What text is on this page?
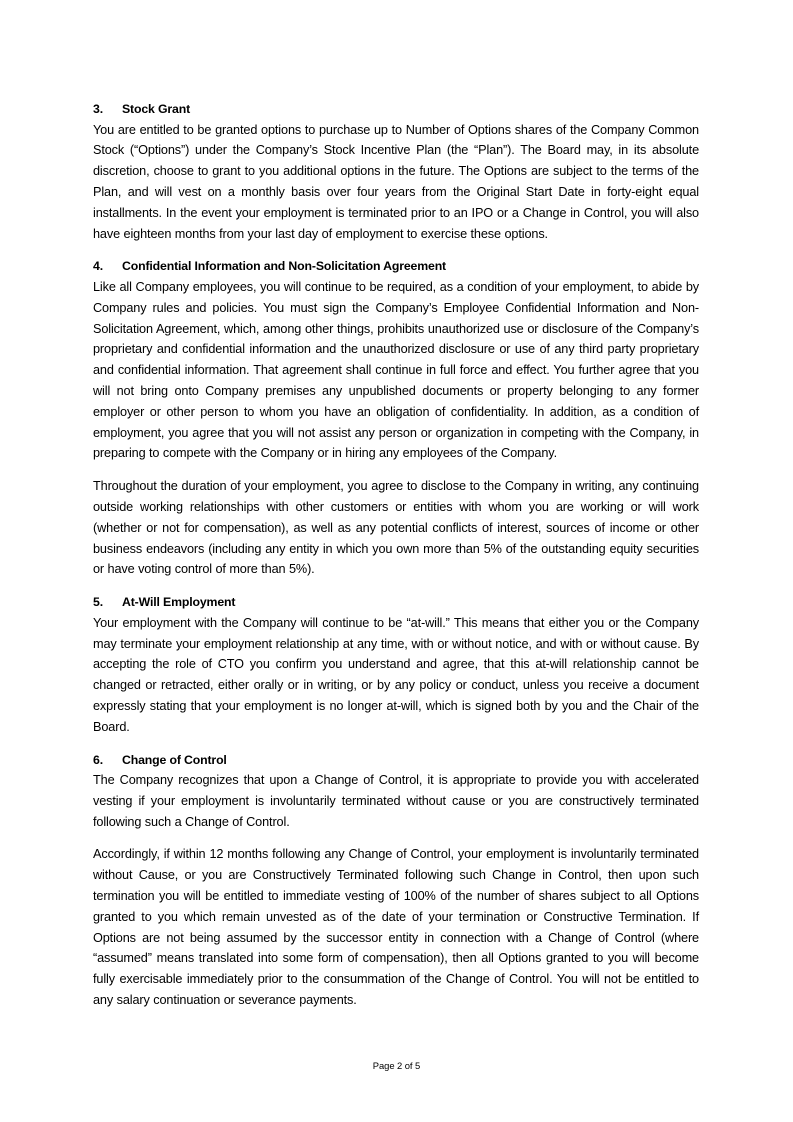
3. Stock Grant

You are entitled to be granted options to purchase up to Number of Options shares of the Company Common Stock (“Options”) under the Company’s Stock Incentive Plan (the “Plan”). The Board may, in its absolute discretion, choose to grant to you additional options in the future. The Options are subject to the terms of the Plan, and will vest on a monthly basis over four years from the Original Start Date in forty-eight equal installments. In the event your employment is terminated prior to an IPO or a Change in Control, you will also have eighteen months from your last day of employment to exercise these options.

4. Confidential Information and Non-Solicitation Agreement

Like all Company employees, you will continue to be required, as a condition of your employment, to abide by Company rules and policies. You must sign the Company’s Employee Confidential Information and Non-Solicitation Agreement, which, among other things, prohibits unauthorized use or disclosure of the Company’s proprietary and confidential information and the unauthorized disclosure or use of any third party proprietary and confidential information. That agreement shall continue in full force and effect. You further agree that you will not bring onto Company premises any unpublished documents or property belonging to any former employer or other person to whom you have an obligation of confidentiality. In addition, as a condition of employment, you agree that you will not assist any person or organization in competing with the Company, in preparing to compete with the Company or in hiring any employees of the Company.

Throughout the duration of your employment, you agree to disclose to the Company in writing, any continuing outside working relationships with other customers or entities with whom you are working or will work (whether or not for compensation), as well as any potential conflicts of interest, sources of income or other business endeavors (including any entity in which you own more than 5% of the outstanding equity securities or have voting control of more than 5%).

5. At-Will Employment

Your employment with the Company will continue to be “at-will.” This means that either you or the Company may terminate your employment relationship at any time, with or without notice, and with or without cause. By accepting the role of CTO you confirm you understand and agree, that this at-will relationship cannot be changed or retracted, either orally or in writing, or by any policy or conduct, unless you receive a document expressly stating that your employment is no longer at-will, which is signed both by you and the Chair of the Board.

6. Change of Control

The Company recognizes that upon a Change of Control, it is appropriate to provide you with accelerated vesting if your employment is involuntarily terminated without cause or you are constructively terminated following such a Change of Control.

Accordingly, if within 12 months following any Change of Control, your employment is involuntarily terminated without Cause, or you are Constructively Terminated following such Change in Control, then upon such termination you will be entitled to immediate vesting of 100% of the number of shares subject to all Options granted to you which remain unvested as of the date of your termination or Constructive Termination. If Options are not being assumed by the successor entity in connection with a Change of Control (where “assumed” means translated into some form of compensation), then all Options granted to you will become fully exercisable immediately prior to the consummation of the Change of Control. You will not be entitled to any salary continuation or severance payments.

Page 2 of 5
